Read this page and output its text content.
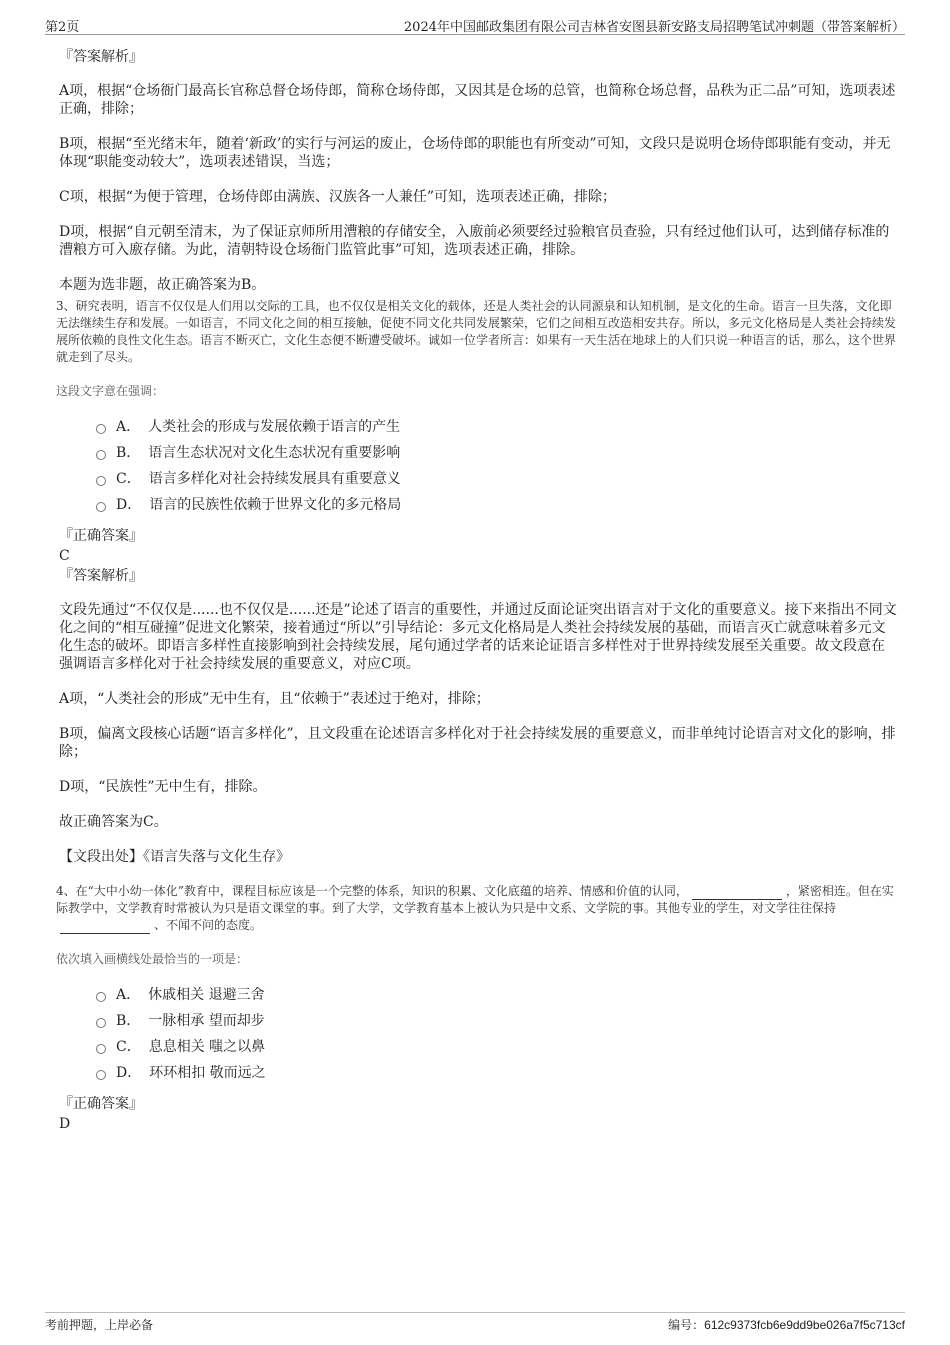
第2页	2024年中国邮政集团有限公司吉林省安图县新安路支局招聘笔试冲刺题（带答案解析）
『答案解析』

A项，根据“仓场衙门最高长官称总督仓场侍郎，简称仓场侍郎，又因其是仓场的总管，也简称仓场总督，品秩为正二品”可知，选项表述正确，排除；

B项，根据“至光绪末年，随着‘新政’的实行与河运的废止，仓场侍郎的职能也有所变动”可知，文段只是说明仓场侍郎职能有变动，并无体现“职能变动较大”，选项表述错误，当选；

C项，根据“为便于管理，仓场侍郎由满族、汉族各一人兼任”可知，选项表述正确，排除；

D项，根据“自元朝至清末，为了保证京师所用漕粮的存储安全，入廒前必须要经过验粮官员查验，只有经过他们认可，达到储存标准的漕粮方可入廒存储。为此，清朝特设仓场衙门监管此事”可知，选项表述正确，排除。

本题为选非题，故正确答案为B。

3、研究表明，语言不仅仅是人们用以交际的工具，也不仅仅是相关文化的载体，还是人类社会的认同源泉和认知机制，是文化的生命。语言一旦失落，文化即无法继续生存和发展。一如语言，不同文化之间的相互接触，促使不同文化共同发展繁荣，它们之间相互改造相安共存。所以，多元文化格局是人类社会持续发展所依赖的良性文化生态。语言不断灭亡，文化生态便不断遭受破坏。诚如一位学者所言：如果有一天生活在地球上的人们只说一种语言的话，那么，这个世界就走到了尽头。

这段文字意在强调：

A． 人类社会的形成与发展依赖于语言的产生
B． 语言生态状况对文化生态状况有重要影响
C． 语言多样化对社会持续发展具有重要意义
D． 语言的民族性依赖于世界文化的多元格局
『正确答案』
C
『答案解析』

文段先通过“不仅仅是......也不仅仅是......还是”论述了语言的重要性，并通过反面论证突出语言对于文化的重要意义。接下来指出不同文化之间的“相互碰撞”促进文化繁荣，接着通过“所以”引导结论：多元文化格局是人类社会持续发展的基础，而语言灭亡就意味着多元文化生态的破坏。即语言多样性直接影响到社会持续发展，尾句通过学者的话来论证语言多样性对于世界持续发展至关重要。故文段意在强调语言多样化对于社会持续发展的重要意义，对应C项。

A项，“人类社会的形成”无中生有，且“依赖于”表述过于绝对，排除；

B项，偏离文段核心话题“语言多样化”，且文段重在论述语言多样化对于社会持续发展的重要意义，而非单纯讨论语言对文化的影响，排除；

D项，“民族性”无中生有，排除。

故正确答案为C。

【文段出处】《语言失落与文化生存》

4、在“大中小幼一体化”教育中，课程目标应该是一个完整的体系，知识的积累、文化底蕴的培养、情感和价值的认同，	，紧密相连。但在实际教学中，文学教育时常被认为只是语文课堂的事。到了大学，文学教育基本上被认为只是中文系、文学院的事。其他专业的学生，对文学往往保持、不闻不问的态度。

依次填入画横线处最恰当的一项是：

A． 休戚相关 退避三舍
B． 一脉相承 望而却步
C． 息息相关 嗤之以鼻
D． 环环相扣 敬而远之
『正确答案』
D
考前押题，上岸必备	编号：612c9373fcb6e9dd9be026a7f5c713cf
